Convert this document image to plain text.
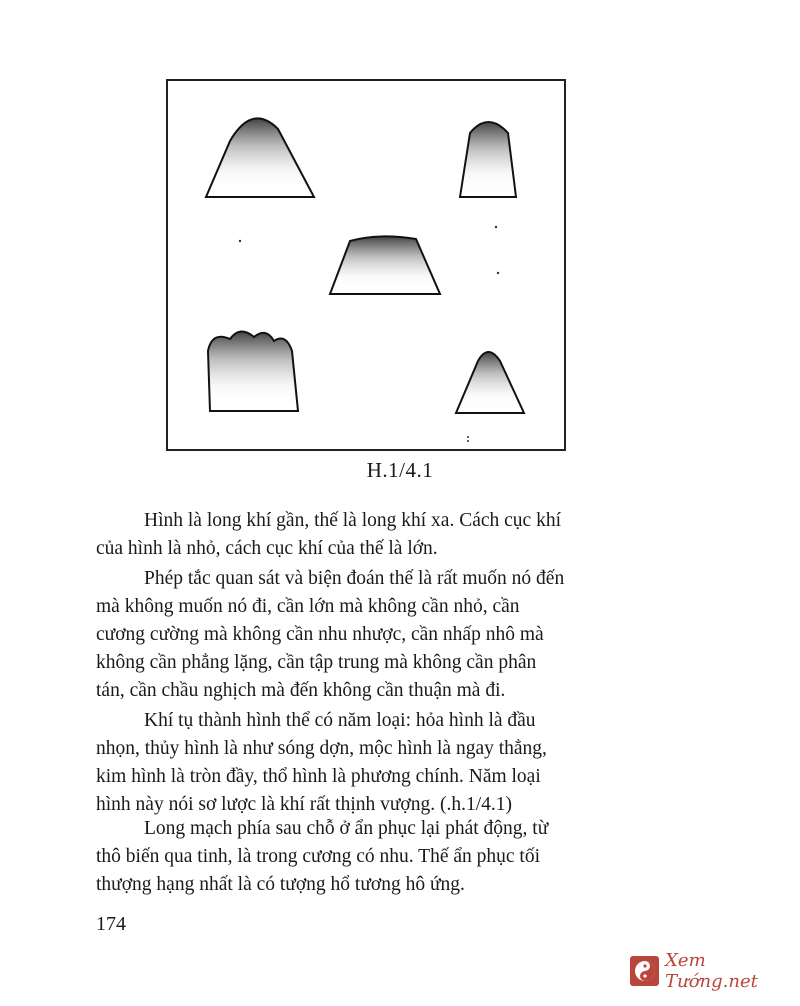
H.1/4.1

Hình là long khí gần, thế là long khí xa. Cách cục khí
của hình là nhỏ, cách cục khí của thế là lớn.

Phép tắc quan sát và biện đoán thế là rất muốn nó đến
mà không muốn nó đi, cần lớn mà không cần nhỏ, cần
cương cường mà không cần nhu nhược, cần nhấp nhô mà
không cần phẳng lặng, cần tập trung mà không cần phân
tán, cần chầu nghịch mà đến không cần thuận mà đi.

Khí tụ thành hình thể có năm loại: hỏa hình là đầu
nhọn, thủy hình là như sóng dợn, mộc hình là ngay thẳng,
kim hình là tròn đầy, thổ hình là phương chính. Năm loại
hình này nói sơ lược là khí rất thịnh vượng. (.h.1/4.1)

Long mạch phía sau chỗ ở ẩn phục lại phát động, từ
thô biến qua tinh, là trong cương có nhu. Thế ẩn phục tối
thượng hạng nhất là có tượng hổ tương hô ứng.

174
Xem Tướng.net
